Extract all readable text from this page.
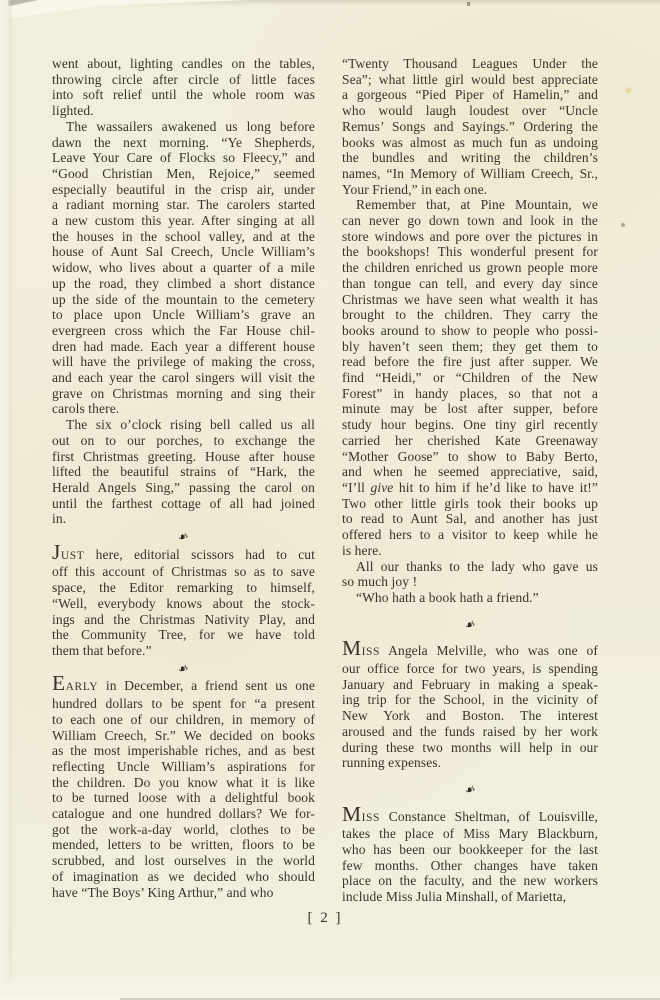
went about, lighting candles on the tables,
throwing circle after circle of little faces
into soft relief until the whole room was
lighted.
The wassailers awakened us long before
dawn the next morning. “Ye Shepherds,
Leave Your Care of Flocks so Fleecy,” and
“Good Christian Men, Rejoice,” seemed
especially beautiful in the crisp air, under
a radiant morning star. The carolers started
a new custom this year. After singing at all
the houses in the school valley, and at the
house of Aunt Sal Creech, Uncle William’s
widow, who lives about a quarter of a mile
up the road, they climbed a short distance
up the side of the mountain to the cemetery
to place upon Uncle William’s grave an
evergreen cross which the Far House chil-
dren had made. Each year a different house
will have the privilege of making the cross,
and each year the carol singers will visit the
grave on Christmas morning and sing their
carols there.
The six o’clock rising bell called us all
out on to our porches, to exchange the
first Christmas greeting. House after house
lifted the beautiful strains of “Hark, the
Herald Angels Sing,” passing the carol on
until the farthest cottage of all had joined
in.
❧
JUST here, editorial scissors had to cut
off this account of Christmas so as to save
space, the Editor remarking to himself,
“Well, everybody knows about the stock-
ings and the Christmas Nativity Play, and
the Community Tree, for we have told
them that before.”
❧
EARLY in December, a friend sent us one
hundred dollars to be spent for “a present
to each one of our children, in memory of
William Creech, Sr.” We decided on books
as the most imperishable riches, and as best
reflecting Uncle William’s aspirations for
the children. Do you know what it is like
to be turned loose with a delightful book
catalogue and one hundred dollars? We for-
got the work-a-day world, clothes to be
mended, letters to be written, floors to be
scrubbed, and lost ourselves in the world
of imagination as we decided who should
have “The Boys’ King Arthur,” and who
“Twenty Thousand Leagues Under the
Sea”; what little girl would best appreciate
a gorgeous “Pied Piper of Hamelin,” and
who would laugh loudest over “Uncle
Remus’ Songs and Sayings.” Ordering the
books was almost as much fun as undoing
the bundles and writing the children’s
names, “In Memory of William Creech, Sr.,
Your Friend,” in each one.
Remember that, at Pine Mountain, we
can never go down town and look in the
store windows and pore over the pictures in
the bookshops! This wonderful present for
the children enriched us grown people more
than tongue can tell, and every day since
Christmas we have seen what wealth it has
brought to the children. They carry the
books around to show to people who possi-
bly haven’t seen them; they get them to
read before the fire just after supper. We
find “Heidi,” or “Children of the New
Forest” in handy places, so that not a
minute may be lost after supper, before
study hour begins. One tiny girl recently
carried her cherished Kate Greenaway
“Mother Goose” to show to Baby Berto,
and when he seemed appreciative, said,
“I’ll give hit to him if he’d like to have it!”
Two other little girls took their books up
to read to Aunt Sal, and another has just
offered hers to a visitor to keep while he
is here.
All our thanks to the lady who gave us
so much joy !
“Who hath a book hath a friend.”
❧
MISS Angela Melville, who was one of
our office force for two years, is spending
January and February in making a speak-
ing trip for the School, in the vicinity of
New York and Boston. The interest
aroused and the funds raised by her work
during these two months will help in our
running expenses.
❧
MISS Constance Sheltman, of Louisville,
takes the place of Miss Mary Blackburn,
who has been our bookkeeper for the last
few months. Other changes have taken
place on the faculty, and the new workers
include Miss Julia Minshall, of Marietta,
[ 2 ]
